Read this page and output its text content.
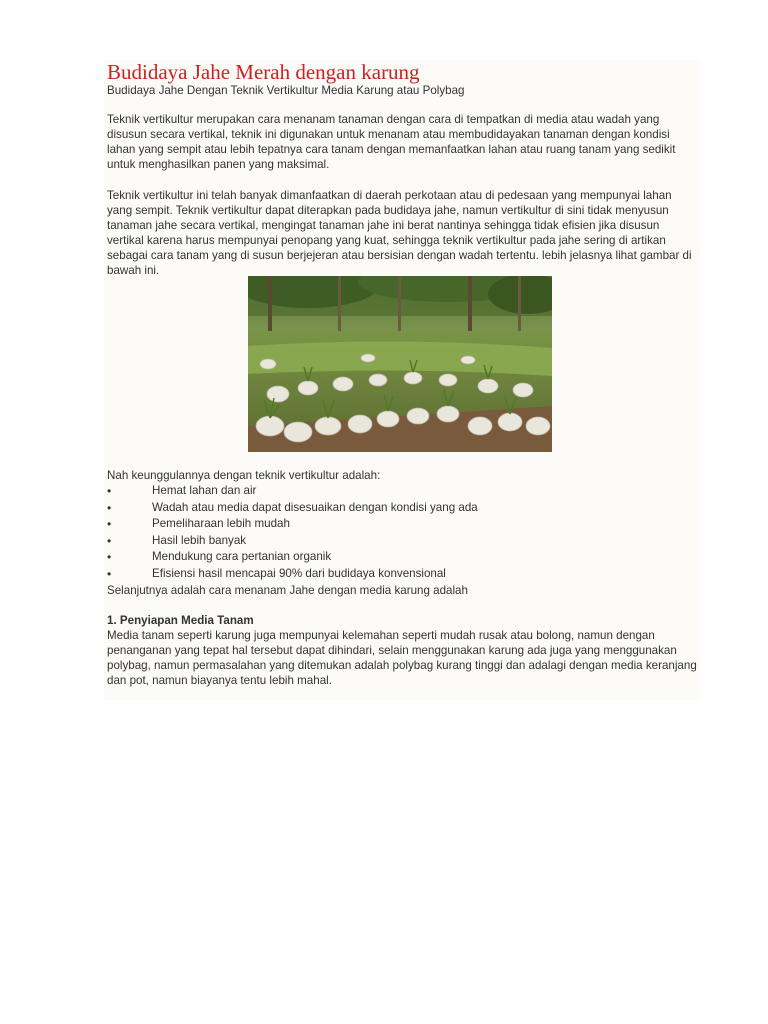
Budidaya Jahe Merah dengan karung
Budidaya Jahe Dengan Teknik Vertikultur Media Karung atau Polybag

Teknik vertikultur merupakan cara menanam tanaman dengan cara di tempatkan di media atau wadah yang disusun secara vertikal, teknik ini digunakan untuk menanam atau membudidayakan tanaman dengan kondisi lahan yang sempit atau lebih tepatnya cara tanam dengan memanfaatkan lahan atau ruang tanam yang sedikit untuk menghasilkan panen yang maksimal.

Teknik vertikultur ini telah banyak dimanfaatkan di daerah perkotaan atau di pedesaan yang mempunyai lahan yang sempit. Teknik vertikultur dapat diterapkan pada budidaya jahe, namun vertikultur di sini tidak menyusun tanaman jahe secara vertikal, mengingat tanaman jahe ini berat nantinya sehingga tidak efisien jika disusun vertikal karena harus mempunyai penopang yang kuat, sehingga teknik vertikultur pada jahe sering di artikan sebagai cara tanam yang di susun berjejeran atau bersisian dengan wadah tertentu. lebih jelasnya lihat gambar di bawah ini.

Nah keunggulannya dengan teknik vertikultur adalah:
•	Hemat lahan dan air
•	Wadah atau media dapat disesuaikan dengan kondisi yang ada
•	Pemeliharaan lebih mudah
•	Hasil lebih banyak
•	Mendukung cara pertanian organik
•	Efisiensi hasil mencapai 90% dari budidaya konvensional
Selanjutnya adalah cara menanam Jahe dengan media karung adalah
1. Penyiapan Media Tanam

Media tanam seperti karung juga mempunyai kelemahan seperti mudah rusak atau bolong, namun dengan penanganan yang tepat hal tersebut dapat dihindari, selain menggunakan karung ada juga yang menggunakan polybag, namun permasalahan yang ditemukan adalah polybag kurang tinggi dan adalagi dengan media keranjang dan pot, namun biayanya tentu lebih mahal.
